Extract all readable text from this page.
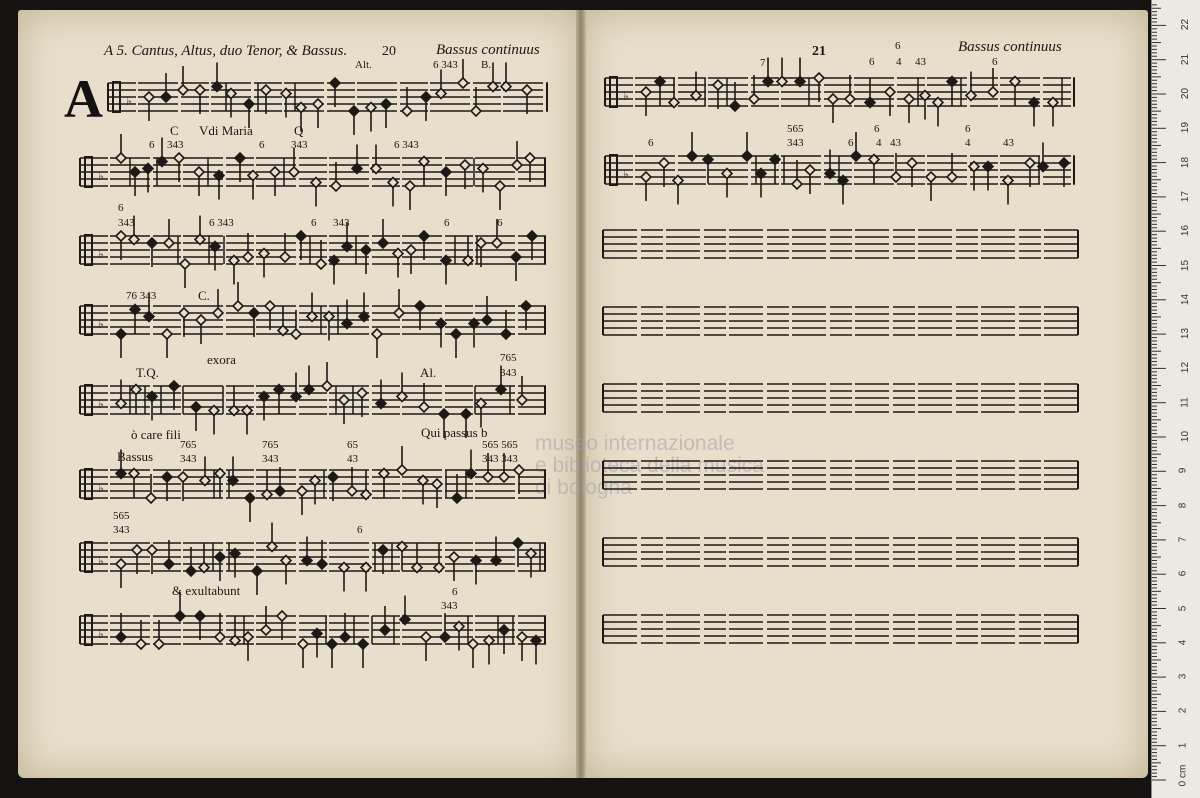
A 5. Cantus, Altus, duo Tenor, & Bassus. 20	Bassus continuus
A
Alt.	6 343 B.
C Vdi Maria	Q
6 343	6 343	6 343
6
343	6 343	6 343	6	6
76 343	C.
exora
T.Q.	Al.
765
343
ò care fili	Qui passus b
Bassus
765
343
765
343
65
43
565 565
343 343
565
343	6
& exultabunt	6
343
21	6	Bassus continuus
7	6 4 43	6
565
343
6	6 4 43
6	6
4	43
museo internazionale
e biblioteca della musica
di bologna
♭
♭
♭
♭
♭
♭
♭
♭
♭
♭
0 cm
1
2
3
4
5
6
7
8
9
10
11
12
13
14
15
16
17
18
19
20
21
22
